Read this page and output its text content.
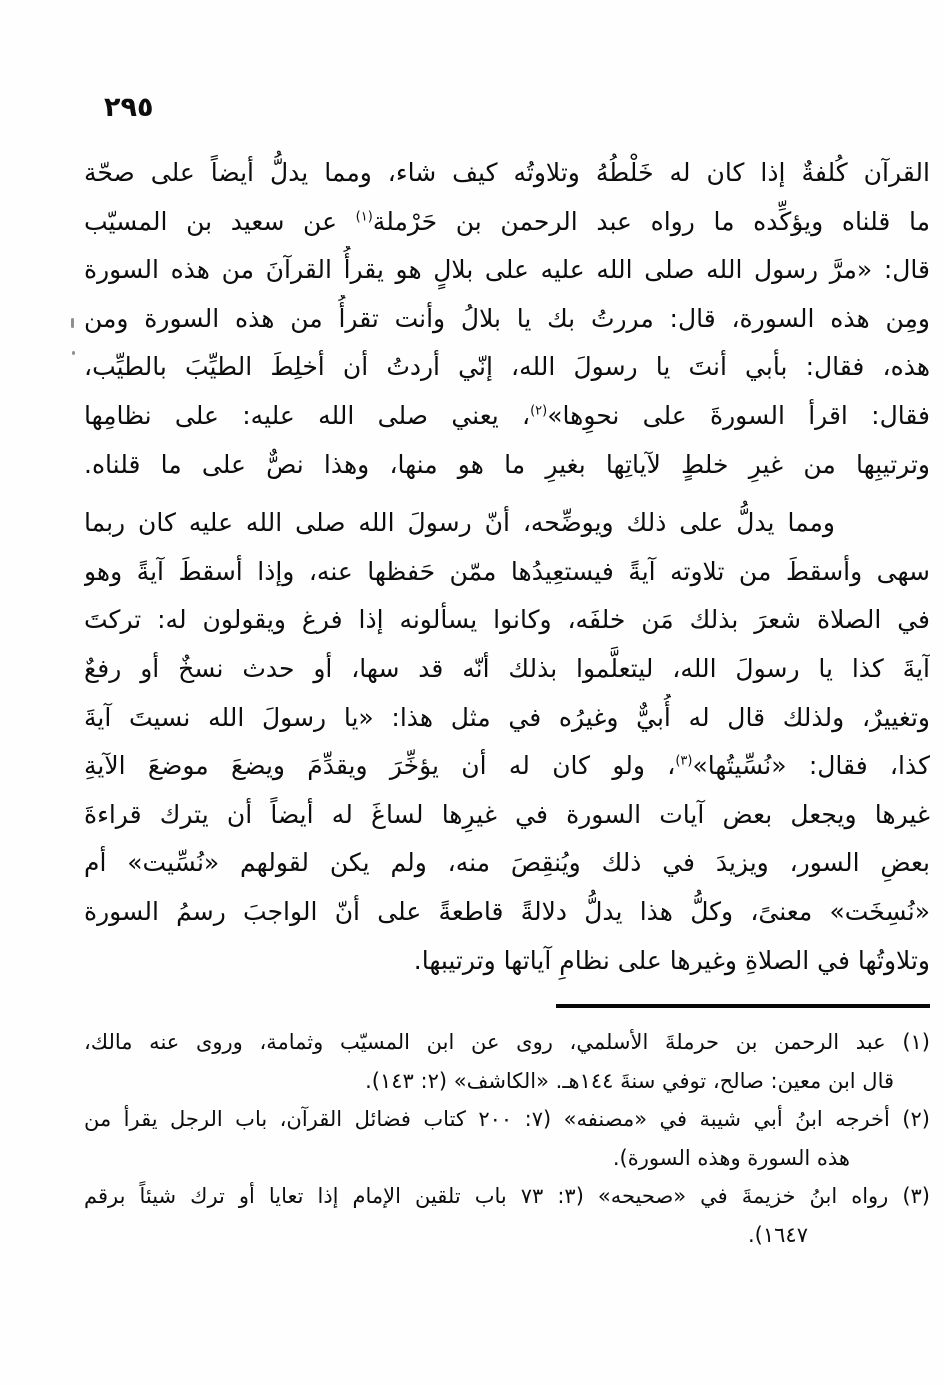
٢٩٥
القرآن كُلفةٌ إذا كان له خَلْطُهُ وتلاوتُه كيف شاء، ومما يدلُّ أيضاً على صحّة
ما قلناه ويؤكِّده ما رواه عبد الرحمن بن حَرْملة$^{(١)}$ عن سعيد بن المسيّب
قال: «مرَّ رسول الله صلى الله عليه على بلالٍ هو يقرأُ القرآنَ من هذه السورة
ومِن هذه السورة، قال: مررتُ بك يا بلالُ وأنت تقرأُ من هذه السورة ومن
هذه، فقال: بأبي أنتَ يا رسولَ الله، إنّي أردتُ أن أخلِطَ الطيِّبَ بالطيِّب،
فقال: اقرأ السورةَ على نحوِها»$^{(٢)}$، يعني صلى الله عليه: على نظامِها
وترتيبِها من غيرِ خلطٍ لآياتِها بغيرِ ما هو منها، وهذا نصٌّ على ما قلناه.
ومما يدلُّ على ذلك ويوضِّحه، أنّ رسولَ الله صلى الله عليه كان ربما
سهى وأسقطَ من تلاوته آيةً فيستعِيدُها ممّن حَفظها عنه، وإذا أسقطَ آيةً وهو
في الصلاة شعرَ بذلك مَن خلفَه، وكانوا يسألونه إذا فرغ ويقولون له: تركتَ
آيةَ كذا يا رسولَ الله، ليتعلَّموا بذلك أنّه قد سها، أو حدث نسخٌ أو رفعٌ
وتغييرٌ، ولذلك قال له أُبيٌّ وغيرُه في مثل هذا: «يا رسولَ الله نسيتَ آيةَ
كذا، فقال: «نُسِّيتُها»$^{(٣)}$، ولو كان له أن يؤخِّرَ ويقدِّمَ ويضعَ موضعَ الآيةِ
غيرها ويجعل بعض آيات السورة في غيرِها لساغَ له أيضاً أن يترك قراءةَ
بعضِ السور، ويزيدَ في ذلك ويُنقِصَ منه، ولم يكن لقولهم «نُسِّيت» أم
«نُسِخَت» معنىً، وكلُّ هذا يدلُّ دلالةً قاطعةً على أنّ الواجبَ رسمُ السورة
وتلاوتُها في الصلاةِ وغيرها على نظامِ آياتها وترتيبها.
(١) عبد الرحمن بن حرملةَ الأسلمي، روى عن ابن المسيّب وثمامة، وروى عنه مالك،
قال ابن معين: صالح، توفي سنةَ ١٤٤هـ. «الكاشف» (٢: ١٤٣).
(٢) أخرجه ابنُ أبي شيبة في «مصنفه» (٧: ٢٠٠ كتاب فضائل القرآن، باب الرجل يقرأ من
هذه السورة وهذه السورة).
(٣) رواه ابنُ خزيمةَ في «صحيحه» (٣: ٧٣ باب تلقين الإمام إذا تعايا أو ترك شيئاً برقم
١٦٤٧).
